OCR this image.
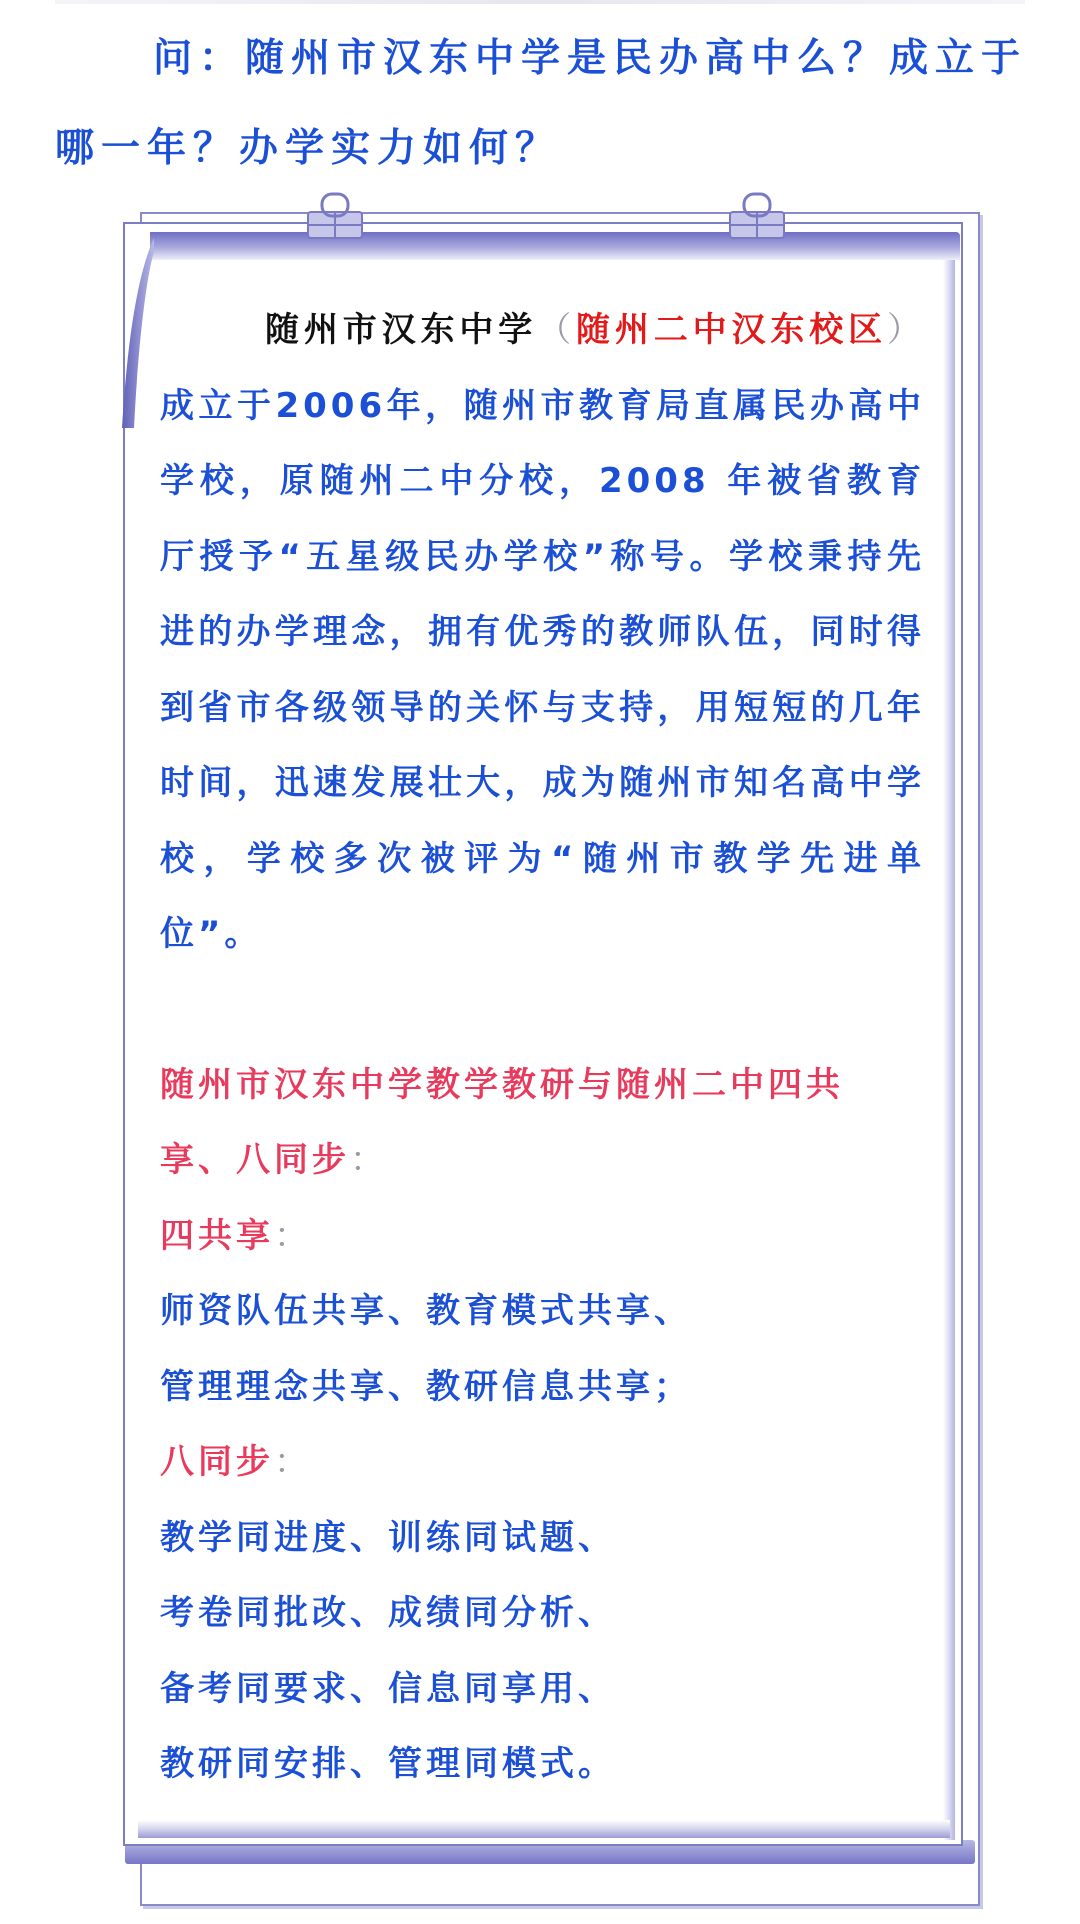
问：随州市汉东中学是民办高中么？成立于哪一年？办学实力如何？

随州市汉东中学（随州二中汉东校区）成立于2006年，随州市教育局直属民办高中学校，原随州二中分校，2008 年被省教育厅授予“五星级民办学校”称号。学校秉持先进的办学理念，拥有优秀的教师队伍，同时得到省市各级领导的关怀与支持，用短短的几年时间，迅速发展壮大，成为随州市知名高中学校，学校多次被评为“随州市教学先进单位”。

随州市汉东中学教学教研与随州二中四共
享、八同步：
四共享：
师资队伍共享、教育模式共享、
管理理念共享、教研信息共享；
八同步：
教学同进度、训练同试题、
考卷同批改、成绩同分析、
备考同要求、信息同享用、
教研同安排、管理同模式。
